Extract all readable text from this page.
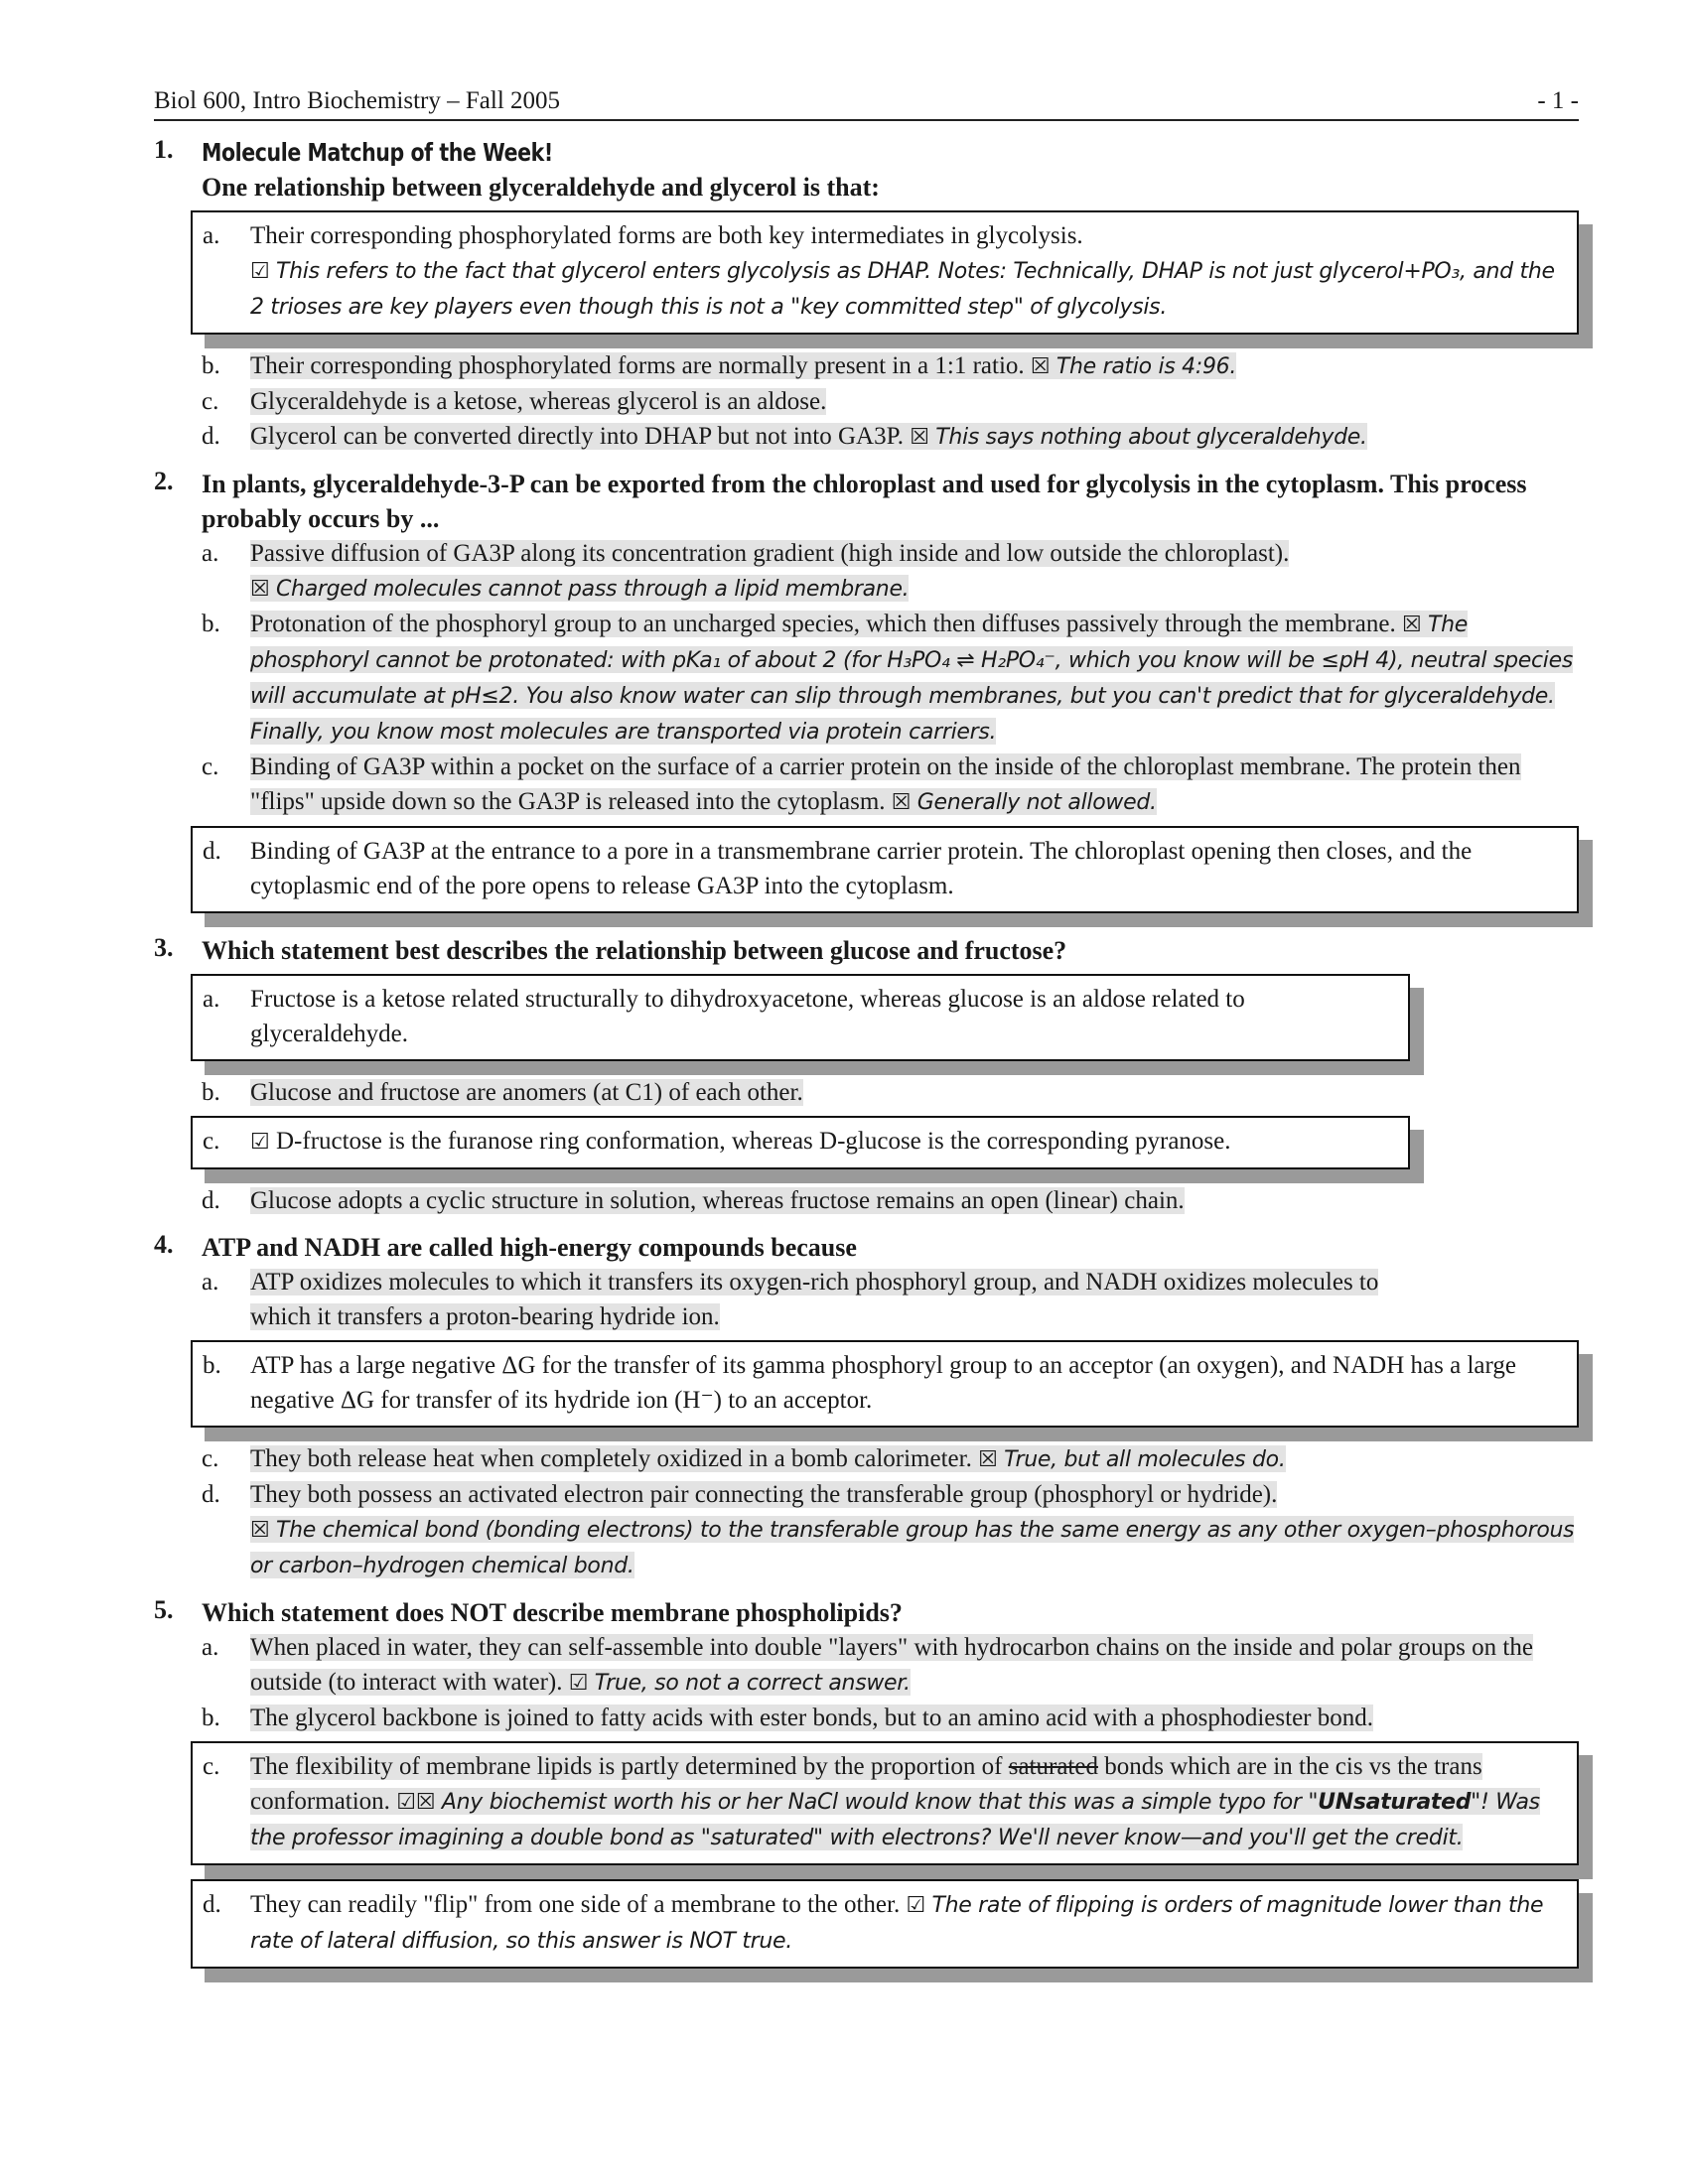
Biol 600, Intro Biochemistry – Fall 2005	- 1 -
1. Molecule Matchup of the Week!
One relationship between glyceraldehyde and glycerol is that:
a. Their corresponding phosphorylated forms are both key intermediates in glycolysis.
☑ This refers to the fact that glycerol enters glycolysis as DHAP. Notes: Technically, DHAP is not just glycerol+PO₃, and the 2 trioses are key players even though this is not a "key committed step" of glycolysis.
b. Their corresponding phosphorylated forms are normally present in a 1:1 ratio. ☒ The ratio is 4:96.
c. Glyceraldehyde is a ketose, whereas glycerol is an aldose.
d. Glycerol can be converted directly into DHAP but not into GA3P. ☒ This says nothing about glyceraldehyde.
2. In plants, glyceraldehyde-3-P can be exported from the chloroplast and used for glycolysis in the cytoplasm. This process probably occurs by ...
a. Passive diffusion of GA3P along its concentration gradient (high inside and low outside the chloroplast).
☒ Charged molecules cannot pass through a lipid membrane.
b. Protonation of the phosphoryl group to an uncharged species, which then diffuses passively through the membrane. ☒ The phosphoryl cannot be protonated: with pKa₁ of about 2 (for H₃PO₄ ⇌ H₂PO₄⁻, which you know will be ≤pH 4), neutral species will accumulate at pH≤2. You also know water can slip through membranes, but you can't predict that for glyceraldehyde. Finally, you know most molecules are transported via protein carriers.
c. Binding of GA3P within a pocket on the surface of a carrier protein on the inside of the chloroplast membrane. The protein then "flips" upside down so the GA3P is released into the cytoplasm. ☒ Generally not allowed.
d. Binding of GA3P at the entrance to a pore in a transmembrane carrier protein. The chloroplast opening then closes, and the cytoplasmic end of the pore opens to release GA3P into the cytoplasm.
3. Which statement best describes the relationship between glucose and fructose?
a. Fructose is a ketose related structurally to dihydroxyacetone, whereas glucose is an aldose related to glyceraldehyde.
b. Glucose and fructose are anomers (at C1) of each other.
c. ☑ D-fructose is the furanose ring conformation, whereas D-glucose is the corresponding pyranose.
d. Glucose adopts a cyclic structure in solution, whereas fructose remains an open (linear) chain.
4. ATP and NADH are called high-energy compounds because
a. ATP oxidizes molecules to which it transfers its oxygen-rich phosphoryl group, and NADH oxidizes molecules to which it transfers a proton-bearing hydride ion.
b. ATP has a large negative ΔG for the transfer of its gamma phosphoryl group to an acceptor (an oxygen), and NADH has a large negative ΔG for transfer of its hydride ion (H⁻) to an acceptor.
c. They both release heat when completely oxidized in a bomb calorimeter. ☒ True, but all molecules do.
d. They both possess an activated electron pair connecting the transferable group (phosphoryl or hydride).
☒ The chemical bond (bonding electrons) to the transferable group has the same energy as any other oxygen–phosphorous or carbon–hydrogen chemical bond.
5. Which statement does NOT describe membrane phospholipids?
a. When placed in water, they can self-assemble into double "layers" with hydrocarbon chains on the inside and polar groups on the outside (to interact with water). ☑ True, so not a correct answer.
b. The glycerol backbone is joined to fatty acids with ester bonds, but to an amino acid with a phosphodiester bond.
c. The flexibility of membrane lipids is partly determined by the proportion of saturated bonds which are in the cis vs the trans conformation. ☑☒ Any biochemist worth his or her NaCl would know that this was a simple typo for "UNsaturated"! Was the professor imagining a double bond as "saturated" with electrons? We'll never know—and you'll get the credit.
d. They can readily "flip" from one side of a membrane to the other. ☑ The rate of flipping is orders of magnitude lower than the rate of lateral diffusion, so this answer is NOT true.
